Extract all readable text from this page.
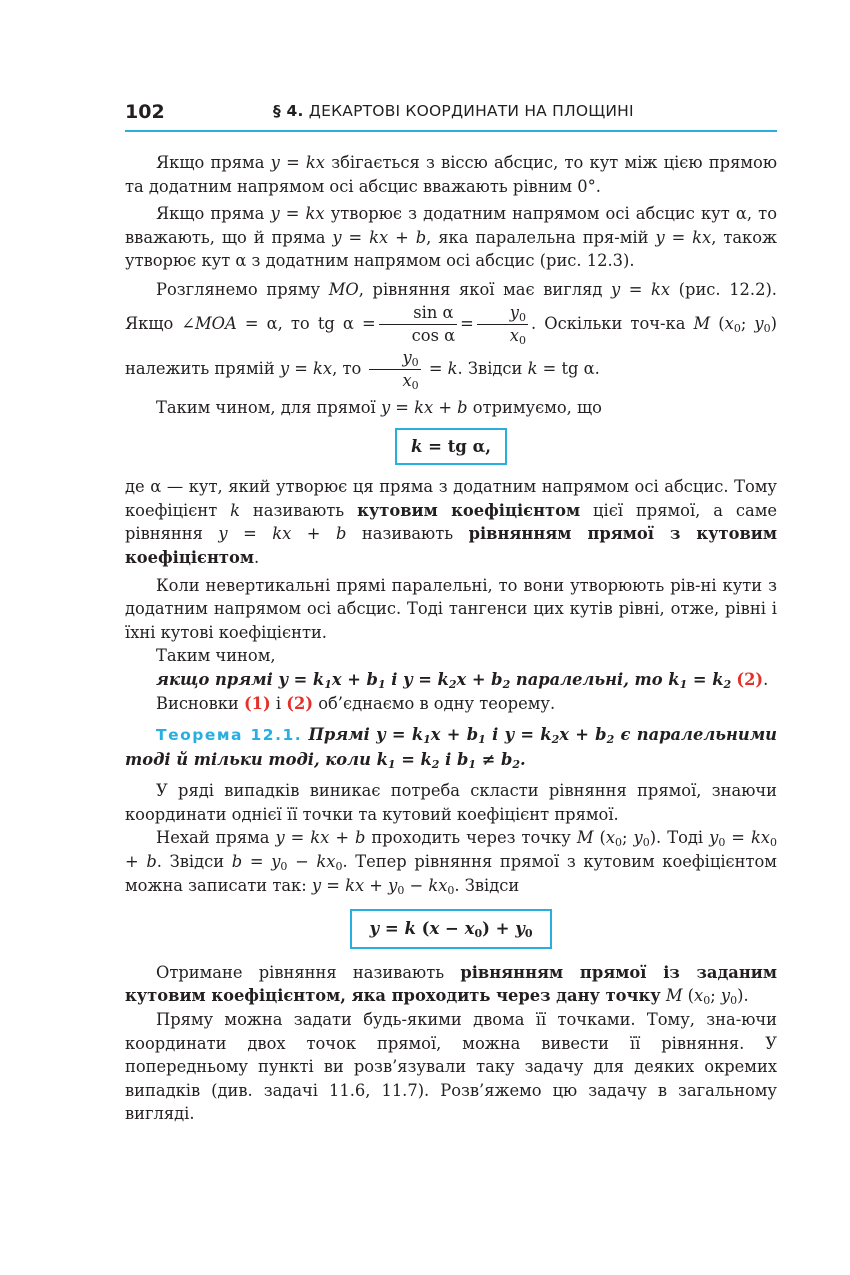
102	§ 4. ДЕКАРТОВІ КООРДИНАТИ НА ПЛОЩИНІ

Якщо пряма y = kx збігається з віссю абсцис, то кут між цією прямою та додатним напрямом осі абсцис вважають рівним 0°.

Якщо пряма y = kx утворює з додатним напрямом осі абсцис кут α, то вважають, що й пряма y = kx + b, яка паралельна пря-мій y = kx, також утворює кут α з додатним напрямом осі абсцис (рис. 12.3).

Розглянемо пряму MO, рівняння якої має вигляд y = kx (рис. 12.2). Якщо ∠MOA = α, то tg $\alpha = \frac{\text{sin α}}{\text{cos α}} = \frac{y_0}{x_0}$ . Оскільки точ-ка M ($x_0$; $y_0$) належить прямій y = kx, то $\frac{y_0}{x_0} = k$. Звідси k = tg α.

Таким чином, для прямої y = kx + b отримуємо, що

k = tg α,

де α — кут, який утворює ця пряма з додатним напрямом осі абсцис. Тому коефіцієнт k називають кутовим коефіцієнтом цієї прямої, а саме рівняння y = kx + b називають рівнянням прямої з кутовим коефіцієнтом.

Коли невертикальні прямі паралельні, то вони утворюють рів-ні кути з додатним напрямом осі абсцис. Тоді тангенси цих кутів рівні, отже, рівні і їхні кутові коефіцієнти.

Таким чином,

якщо прямі $y = k_1x + b_1$ і $y = k_2x + b_2$ паралельні, то $k_1 = k_2$ (2).

Висновки (1) і (2) об’єднаємо в одну теорему.

Теорема 12.1. Прямі $y = k_1x + b_1$ і $y = k_2x + b_2$ є паралельними тоді й тільки тоді, коли $k_1 = k_2$ і $b_1 \ne b_2$.

У ряді випадків виникає потреба скласти рівняння прямої, знаючи координати однієї її точки та кутовий коефіцієнт прямої.

Нехай пряма y = kx + b проходить через точку M ($x_0$; $y_0$). Тоді $y_0 = kx_0 + b$. Звідси $b = y_0 - kx_0$. Тепер рівняння прямої з кутовим коефіцієнтом можна записати так: y = kx + $y_0 - kx_0$. Звідси

y = k $(x - x_0) + y_0$

Отримане рівняння називають рівнянням прямої із заданим кутовим коефіцієнтом, яка проходить через дану точку M ($x_0$; $y_0$).

Пряму можна задати будь-якими двома її точками. Тому, зна-ючи координати двох точок прямої, можна вивести її рівняння. У попередньому пункті ви розв’язували таку задачу для деяких окремих випадків (див. задачі 11.6, 11.7). Розв’яжемо цю задачу в загальному вигляді.
